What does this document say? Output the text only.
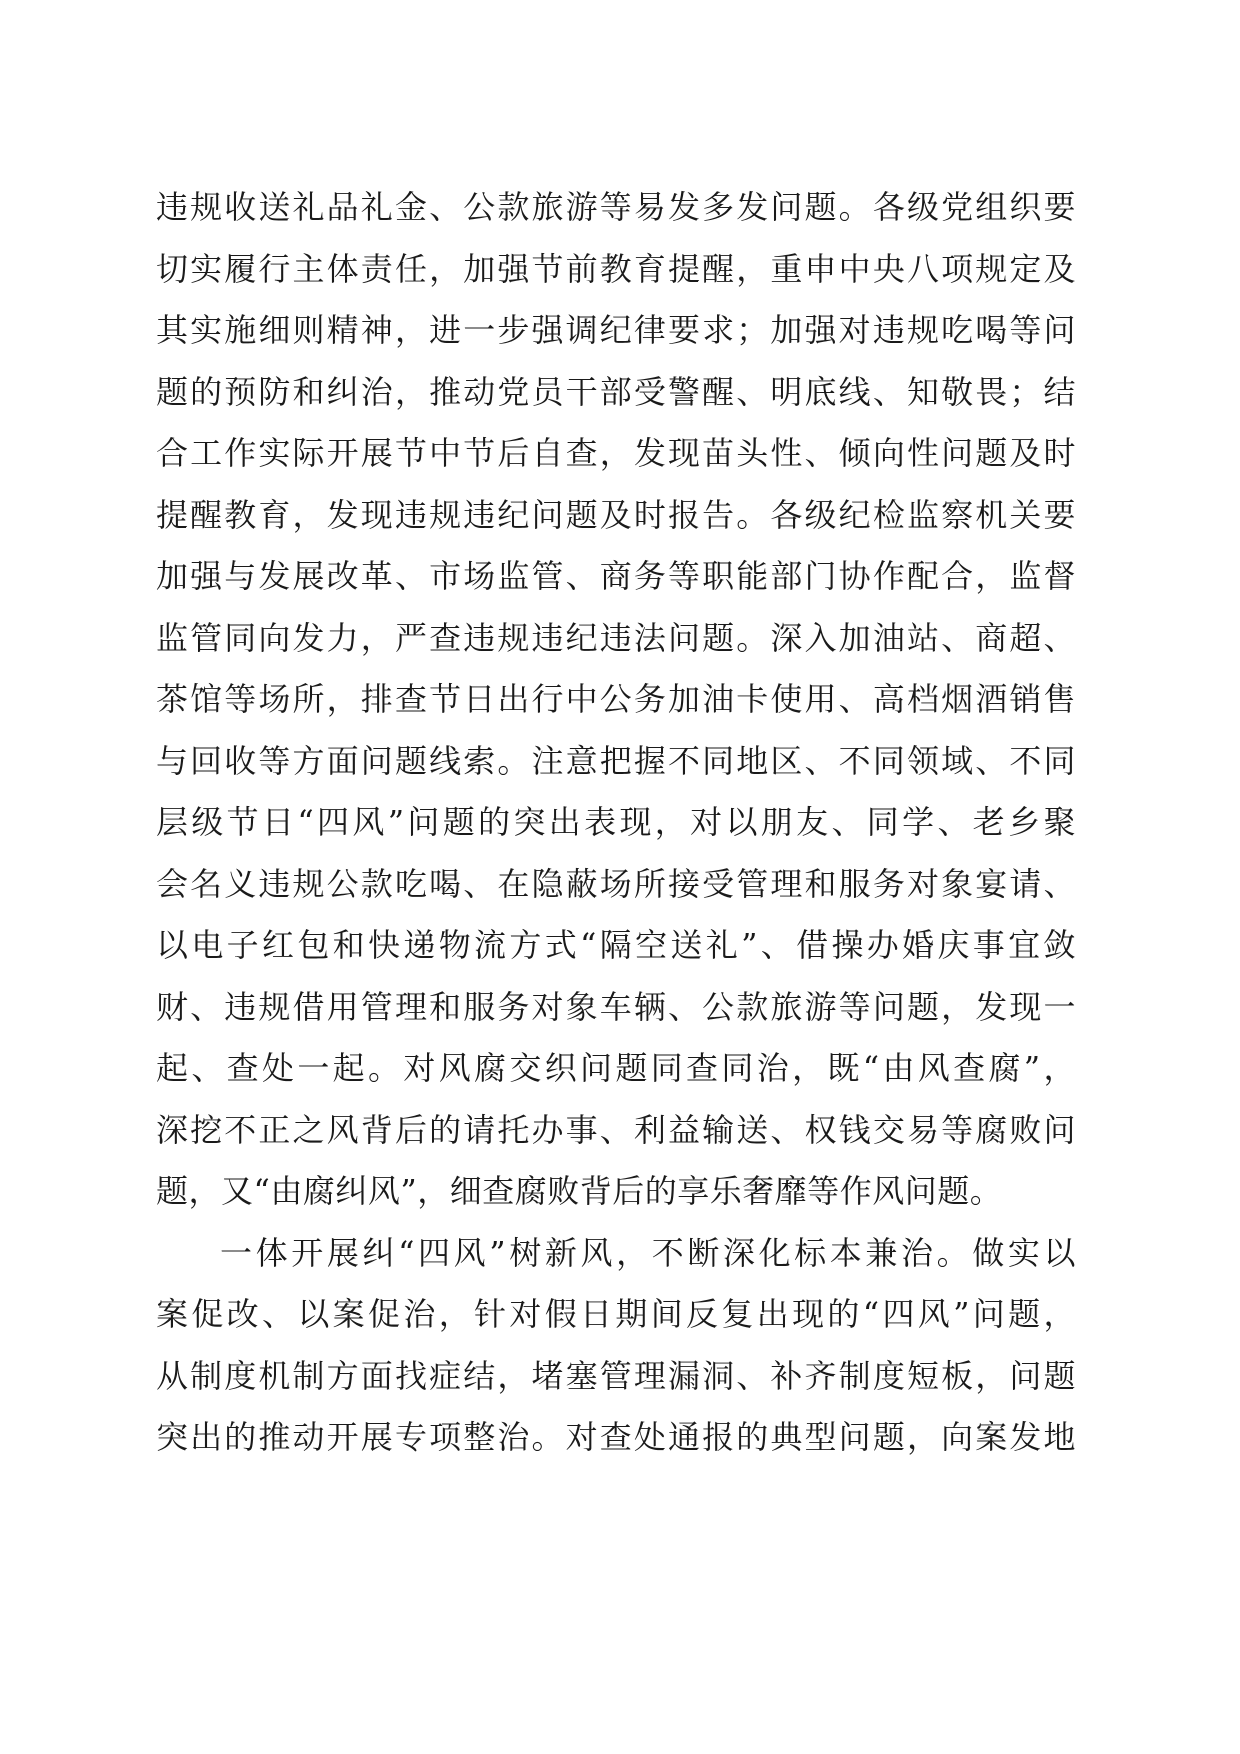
违规收送礼品礼金、公款旅游等易发多发问题。各级党组织要
切实履行主体责任，加强节前教育提醒，重申中央八项规定及
其实施细则精神，进一步强调纪律要求；加强对违规吃喝等问
题的预防和纠治，推动党员干部受警醒、明底线、知敬畏；结
合工作实际开展节中节后自查，发现苗头性、倾向性问题及时
提醒教育，发现违规违纪问题及时报告。各级纪检监察机关要
加强与发展改革、市场监管、商务等职能部门协作配合，监督
监管同向发力，严查违规违纪违法问题。深入加油站、商超、
茶馆等场所，排查节日出行中公务加油卡使用、高档烟酒销售
与回收等方面问题线索。注意把握不同地区、不同领域、不同
层级节日“四风”问题的突出表现，对以朋友、同学、老乡聚
会名义违规公款吃喝、在隐蔽场所接受管理和服务对象宴请、
以电子红包和快递物流方式“隔空送礼”、借操办婚庆事宜敛
财、违规借用管理和服务对象车辆、公款旅游等问题，发现一
起、查处一起。对风腐交织问题同查同治，既“由风查腐”，
深挖不正之风背后的请托办事、利益输送、权钱交易等腐败问
题，又“由腐纠风”，细查腐败背后的享乐奢靡等作风问题。
一体开展纠“四风”树新风，不断深化标本兼治。做实以
案促改、以案促治，针对假日期间反复出现的“四风”问题，
从制度机制方面找症结，堵塞管理漏洞、补齐制度短板，问题
突出的推动开展专项整治。对查处通报的典型问题，向案发地
